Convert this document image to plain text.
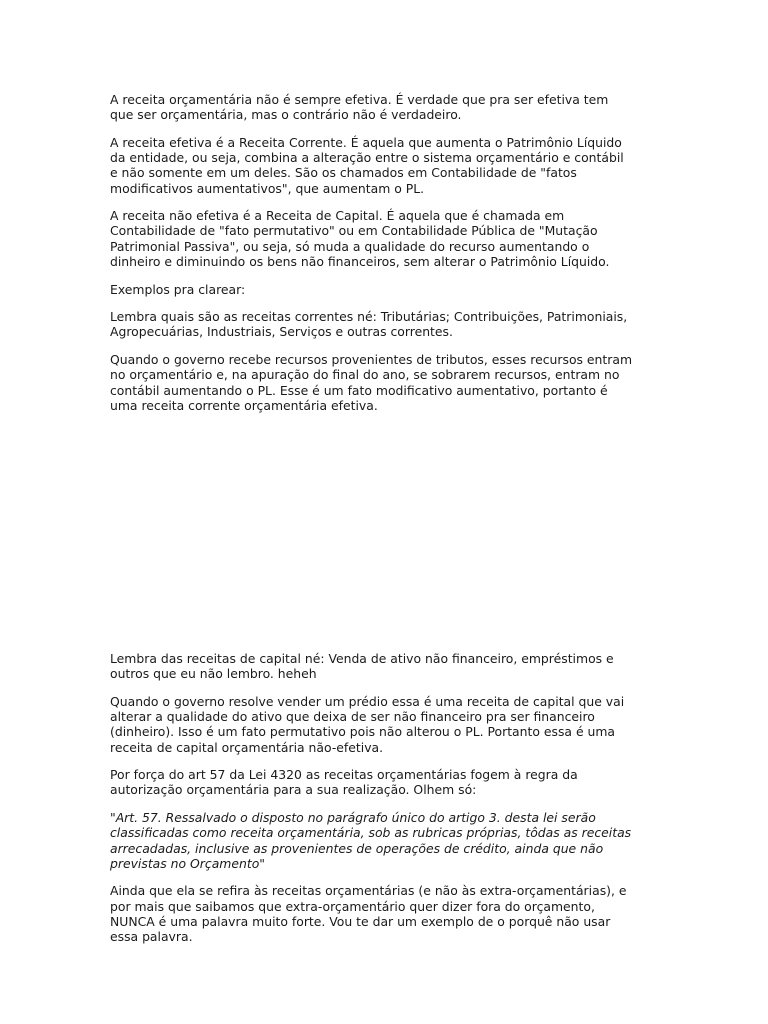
A receita orçamentária não é sempre efetiva. É verdade que pra ser efetiva tem
que ser orçamentária, mas o contrário não é verdadeiro.

A receita efetiva é a Receita Corrente. É aquela que aumenta o Patrimônio Líquido
da entidade, ou seja, combina a alteração entre o sistema orçamentário e contábil
e não somente em um deles. São os chamados em Contabilidade de "fatos
modificativos aumentativos", que aumentam o PL.

A receita não efetiva é a Receita de Capital. É aquela que é chamada em
Contabilidade de "fato permutativo" ou em Contabilidade Pública de "Mutação
Patrimonial Passiva", ou seja, só muda a qualidade do recurso aumentando o
dinheiro e diminuindo os bens não financeiros, sem alterar o Patrimônio Líquido.

Exemplos pra clarear:

Lembra quais são as receitas correntes né: Tributárias; Contribuições, Patrimoniais,
Agropecuárias, Industriais, Serviços e outras correntes.

Quando o governo recebe recursos provenientes de tributos, esses recursos entram
no orçamentário e, na apuração do final do ano, se sobrarem recursos, entram no
contábil aumentando o PL. Esse é um fato modificativo aumentativo, portanto é
uma receita corrente orçamentária efetiva.

Lembra das receitas de capital né: Venda de ativo não financeiro, empréstimos e
outros que eu não lembro. heheh

Quando o governo resolve vender um prédio essa é uma receita de capital que vai
alterar a qualidade do ativo que deixa de ser não financeiro pra ser financeiro
(dinheiro). Isso é um fato permutativo pois não alterou o PL. Portanto essa é uma
receita de capital orçamentária não-efetiva.

Por força do art 57 da Lei 4320 as receitas orçamentárias fogem à regra da
autorização orçamentária para a sua realização. Olhem só:

"Art. 57. Ressalvado o disposto no parágrafo único do artigo 3. desta lei serão
classificadas como receita orçamentária, sob as rubricas próprias, tôdas as receitas
arrecadadas, inclusive as provenientes de operações de crédito, ainda que não
previstas no Orçamento"

Ainda que ela se refira às receitas orçamentárias (e não às extra-orçamentárias), e
por mais que saibamos que extra-orçamentário quer dizer fora do orçamento,
NUNCA é uma palavra muito forte. Vou te dar um exemplo de o porquê não usar
essa palavra.
